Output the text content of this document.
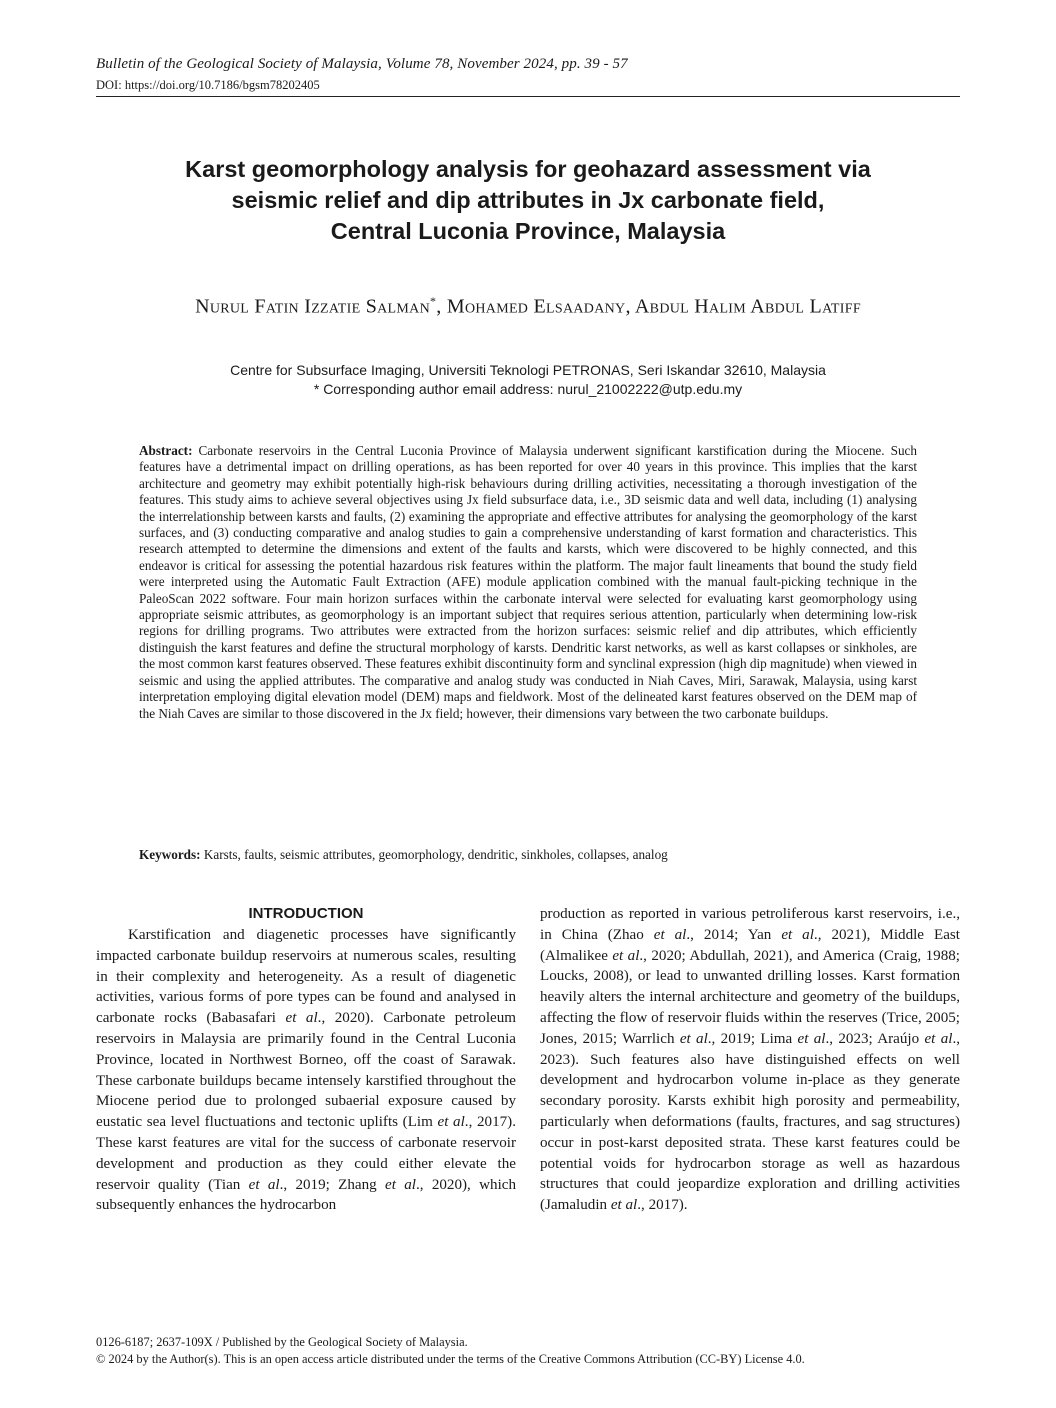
Bulletin of the Geological Society of Malaysia, Volume 78, November 2024, pp. 39 - 57
DOI: https://doi.org/10.7186/bgsm78202405
Karst geomorphology analysis for geohazard assessment via
seismic relief and dip attributes in Jx carbonate field,
Central Luconia Province, Malaysia
Nurul Fatin Izzatie Salman*, Mohamed Elsaadany, Abdul Halim Abdul Latiff
Centre for Subsurface Imaging, Universiti Teknologi PETRONAS, Seri Iskandar 32610, Malaysia
* Corresponding author email address: nurul_21002222@utp.edu.my
Abstract: Carbonate reservoirs in the Central Luconia Province of Malaysia underwent significant karstification during the Miocene. Such features have a detrimental impact on drilling operations, as has been reported for over 40 years in this province. This implies that the karst architecture and geometry may exhibit potentially high-risk behaviours during drilling activities, necessitating a thorough investigation of the features. This study aims to achieve several objectives using Jx field subsurface data, i.e., 3D seismic data and well data, including (1) analysing the interrelationship between karsts and faults, (2) examining the appropriate and effective attributes for analysing the geomorphology of the karst surfaces, and (3) conducting comparative and analog studies to gain a comprehensive understanding of karst formation and characteristics. This research attempted to determine the dimensions and extent of the faults and karsts, which were discovered to be highly connected, and this endeavor is critical for assessing the potential hazardous risk features within the platform. The major fault lineaments that bound the study field were interpreted using the Automatic Fault Extraction (AFE) module application combined with the manual fault-picking technique in the PaleoScan 2022 software. Four main horizon surfaces within the carbonate interval were selected for evaluating karst geomorphology using appropriate seismic attributes, as geomorphology is an important subject that requires serious attention, particularly when determining low-risk regions for drilling programs. Two attributes were extracted from the horizon surfaces: seismic relief and dip attributes, which efficiently distinguish the karst features and define the structural morphology of karsts. Dendritic karst networks, as well as karst collapses or sinkholes, are the most common karst features observed. These features exhibit discontinuity form and synclinal expression (high dip magnitude) when viewed in seismic and using the applied attributes. The comparative and analog study was conducted in Niah Caves, Miri, Sarawak, Malaysia, using karst interpretation employing digital elevation model (DEM) maps and fieldwork. Most of the delineated karst features observed on the DEM map of the Niah Caves are similar to those discovered in the Jx field; however, their dimensions vary between the two carbonate buildups.
Keywords: Karsts, faults, seismic attributes, geomorphology, dendritic, sinkholes, collapses, analog
INTRODUCTION

Karstification and diagenetic processes have significantly impacted carbonate buildup reservoirs at numerous scales, resulting in their complexity and heterogeneity. As a result of diagenetic activities, various forms of pore types can be found and analysed in carbonate rocks (Babasafari et al., 2020). Carbonate petroleum reservoirs in Malaysia are primarily found in the Central Luconia Province, located in Northwest Borneo, off the coast of Sarawak. These carbonate buildups became intensely karstified throughout the Miocene period due to prolonged subaerial exposure caused by eustatic sea level fluctuations and tectonic uplifts (Lim et al., 2017). These karst features are vital for the success of carbonate reservoir development and production as they could either elevate the reservoir quality (Tian et al., 2019; Zhang et al., 2020), which subsequently enhances the hydrocarbon

production as reported in various petroliferous karst reservoirs, i.e., in China (Zhao et al., 2014; Yan et al., 2021), Middle East (Almalikee et al., 2020; Abdullah, 2021), and America (Craig, 1988; Loucks, 2008), or lead to unwanted drilling losses. Karst formation heavily alters the internal architecture and geometry of the buildups, affecting the flow of reservoir fluids within the reserves (Trice, 2005; Jones, 2015; Warrlich et al., 2019; Lima et al., 2023; Araújo et al., 2023). Such features also have distinguished effects on well development and hydrocarbon volume in-place as they generate secondary porosity. Karsts exhibit high porosity and permeability, particularly when deformations (faults, fractures, and sag structures) occur in post-karst deposited strata. These karst features could be potential voids for hydrocarbon storage as well as hazardous structures that could jeopardize exploration and drilling activities (Jamaludin et al., 2017).

0126-6187; 2637-109X / Published by the Geological Society of Malaysia.
© 2024 by the Author(s). This is an open access article distributed under the terms of the Creative Commons Attribution (CC-BY) License 4.0.
